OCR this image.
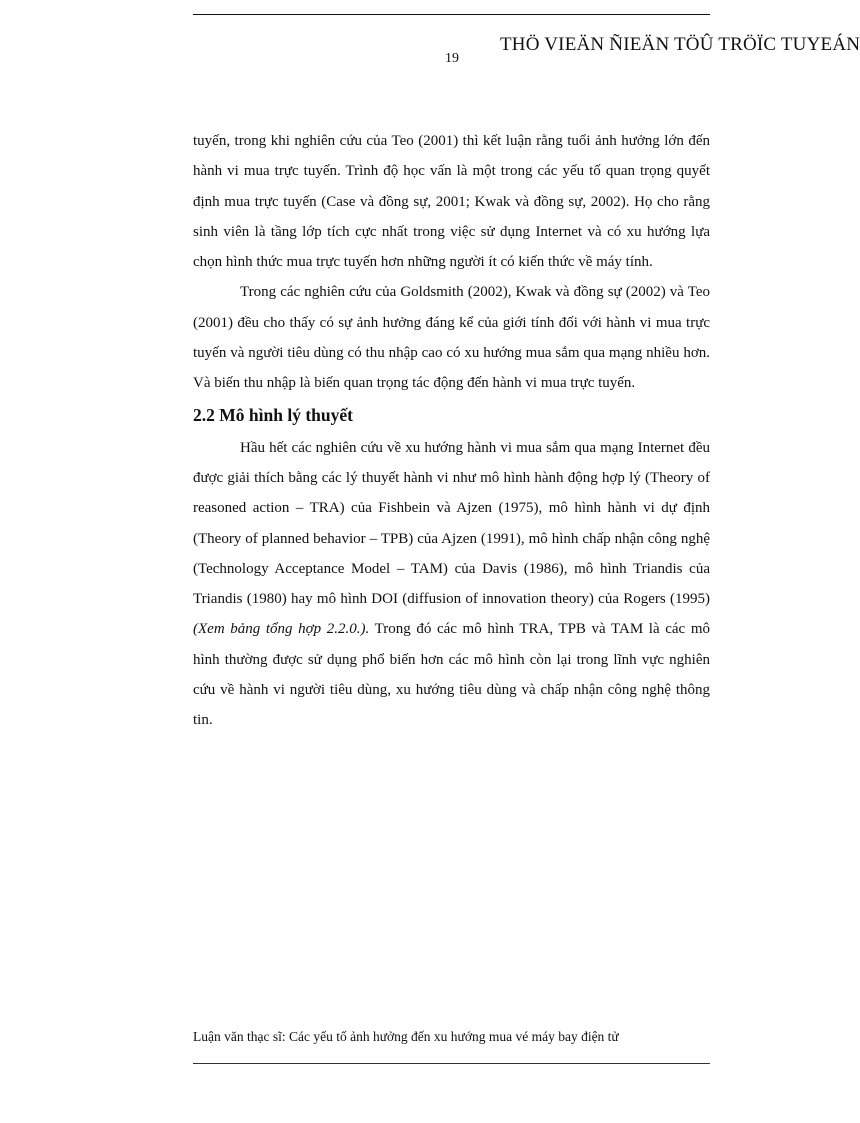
THÖ VIEÄN ÑIEÄN TÖÛ TRÖÏC TUYEÁN
19

tuyến, trong khi nghiên cứu của Teo (2001) thì kết luận rằng tuổi ảnh hưởng lớn đến hành vi mua trực tuyến. Trình độ học vấn là một trong các yếu tố quan trọng quyết định mua trực tuyến (Case và đồng sự, 2001; Kwak và đồng sự, 2002). Họ cho rằng sinh viên là tầng lớp tích cực nhất trong việc sử dụng Internet và có xu hướng lựa chọn hình thức mua trực tuyến hơn những người ít có kiến thức về máy tính.

Trong các nghiên cứu của Goldsmith (2002), Kwak và đồng sự (2002) và Teo (2001) đều cho thấy có sự ảnh hưởng đáng kể của giới tính đối với hành vi mua trực tuyến và người tiêu dùng có thu nhập cao có xu hướng mua sắm qua mạng nhiều hơn. Và biến thu nhập là biến quan trọng tác động đến hành vi mua trực tuyến.

2.2 Mô hình lý thuyết

Hầu hết các nghiên cứu về xu hướng hành vi mua sắm qua mạng Internet đều được giải thích bằng các lý thuyết hành vi như mô hình hành động hợp lý (Theory of reasoned action – TRA) của Fishbein và Ajzen (1975), mô hình hành vi dự định (Theory of planned behavior – TPB) của Ajzen (1991), mô hình chấp nhận công nghệ (Technology Acceptance Model – TAM) của Davis (1986), mô hình Triandis của Triandis (1980) hay mô hình DOI (diffusion of innovation theory) của Rogers (1995) (Xem bảng tổng hợp 2.2.0.). Trong đó các mô hình TRA, TPB và TAM là các mô hình thường được sử dụng phổ biến hơn các mô hình còn lại trong lĩnh vực nghiên cứu về hành vi người tiêu dùng, xu hướng tiêu dùng và chấp nhận công nghệ thông tin.

Luận văn thạc sĩ: Các yếu tố ảnh hưởng đến xu hướng mua vé máy bay điện tử
